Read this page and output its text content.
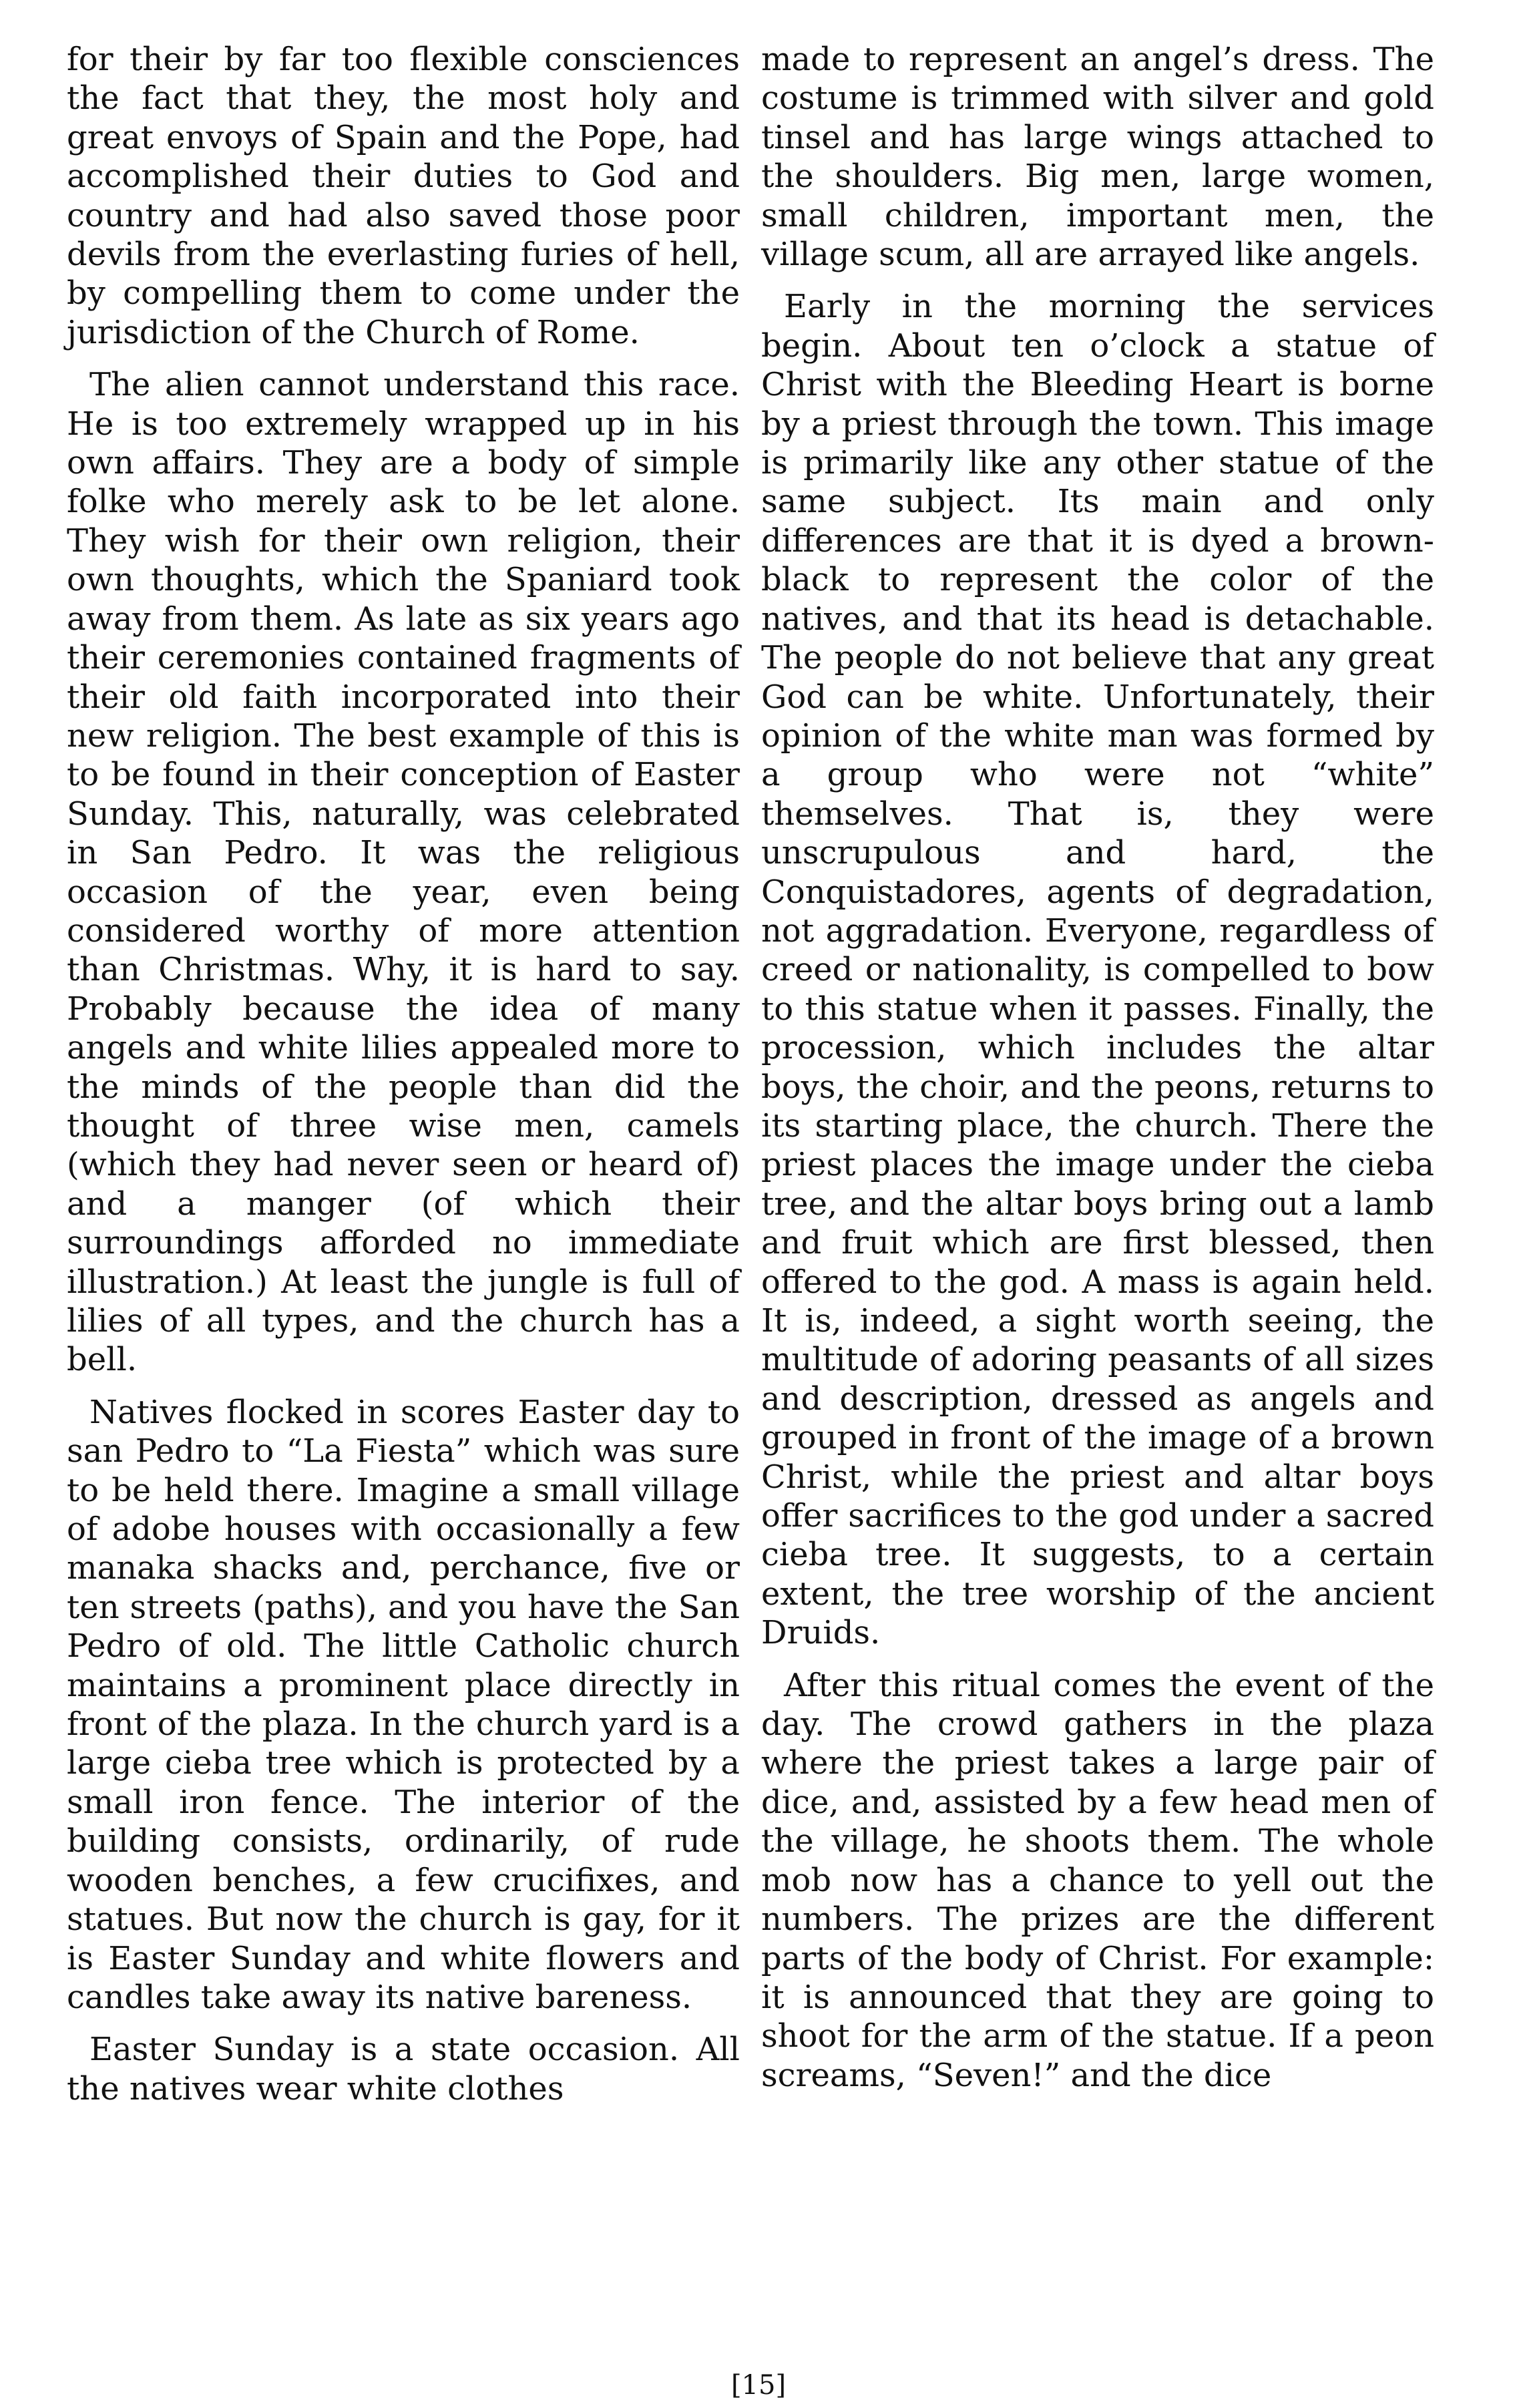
for their by far too flexible consciences the fact that they, the most holy and great envoys of Spain and the Pope, had accomplished their duties to God and country and had also saved those poor devils from the everlasting furies of hell, by compelling them to come under the jurisdiction of the Church of Rome.

The alien cannot understand this race. He is too extremely wrapped up in his own affairs. They are a body of simple folke who merely ask to be let alone. They wish for their own religion, their own thoughts, which the Spaniard took away from them. As late as six years ago their ceremonies contained fragments of their old faith incorporated into their new religion. The best example of this is to be found in their conception of Easter Sunday. This, naturally, was celebrated in San Pedro. It was the religious occasion of the year, even being considered worthy of more attention than Christmas. Why, it is hard to say. Probably because the idea of many angels and white lilies appealed more to the minds of the people than did the thought of three wise men, camels (which they had never seen or heard of) and a manger (of which their surroundings afforded no immediate illustration.) At least the jungle is full of lilies of all types, and the church has a bell.

Natives flocked in scores Easter day to san Pedro to “La Fiesta” which was sure to be held there. Imagine a small village of adobe houses with occasionally a few manaka shacks and, perchance, five or ten streets (paths), and you have the San Pedro of old. The little Catholic church maintains a prominent place directly in front of the plaza. In the church yard is a large cieba tree which is protected by a small iron fence. The interior of the building consists, ordinarily, of rude wooden benches, a few crucifixes, and statues. But now the church is gay, for it is Easter Sunday and white flowers and candles take away its native bareness.

Easter Sunday is a state occasion. All the natives wear white clothes

made to represent an angel’s dress. The costume is trimmed with silver and gold tinsel and has large wings attached to the shoulders. Big men, large women, small children, important men, the village scum, all are arrayed like angels.

Early in the morning the services begin. About ten o’clock a statue of Christ with the Bleeding Heart is borne by a priest through the town. This image is primarily like any other statue of the same subject. Its main and only differences are that it is dyed a brown-black to represent the color of the natives, and that its head is detachable. The people do not believe that any great God can be white. Unfortunately, their opinion of the white man was formed by a group who were not “white” themselves. That is, they were unscrupulous and hard, the Conquistadores, agents of degradation, not aggradation. Everyone, regardless of creed or nationality, is compelled to bow to this statue when it passes. Finally, the procession, which includes the altar boys, the choir, and the peons, returns to its starting place, the church. There the priest places the image under the cieba tree, and the altar boys bring out a lamb and fruit which are first blessed, then offered to the god. A mass is again held. It is, indeed, a sight worth seeing, the multitude of adoring peasants of all sizes and description, dressed as angels and grouped in front of the image of a brown Christ, while the priest and altar boys offer sacrifices to the god under a sacred cieba tree. It suggests, to a certain extent, the tree worship of the ancient Druids.

After this ritual comes the event of the day. The crowd gathers in the plaza where the priest takes a large pair of dice, and, assisted by a few head men of the village, he shoots them. The whole mob now has a chance to yell out the numbers. The prizes are the different parts of the body of Christ. For example: it is announced that they are going to shoot for the arm of the statue. If a peon screams, “Seven!” and the dice

[15]
